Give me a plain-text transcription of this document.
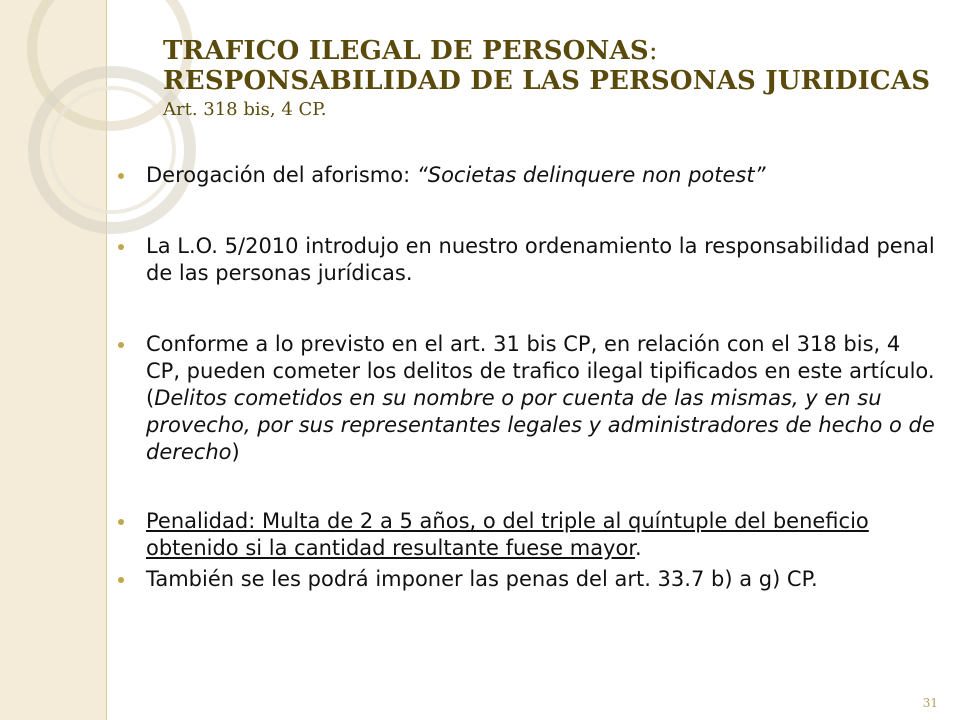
TRAFICO ILEGAL DE PERSONAS:
RESPONSABILIDAD DE LAS PERSONAS JURIDICAS
Art. 318 bis, 4 CP.
Derogación del aforismo: “Societas delinquere non potest”
La L.O. 5/2010 introdujo en nuestro ordenamiento la responsabilidad penal de las personas jurídicas.
Conforme a lo previsto en el art. 31 bis CP, en relación con el 318 bis, 4 CP, pueden cometer los delitos de trafico ilegal tipificados en este artículo. (Delitos cometidos en su nombre o por cuenta de las mismas, y en su provecho, por sus representantes legales y administradores de hecho o de derecho)
Penalidad: Multa de 2 a 5 años, o del triple al quíntuple del beneficio obtenido si la cantidad resultante fuese mayor.
También se les podrá imponer las penas del art. 33.7 b) a g) CP.
31
